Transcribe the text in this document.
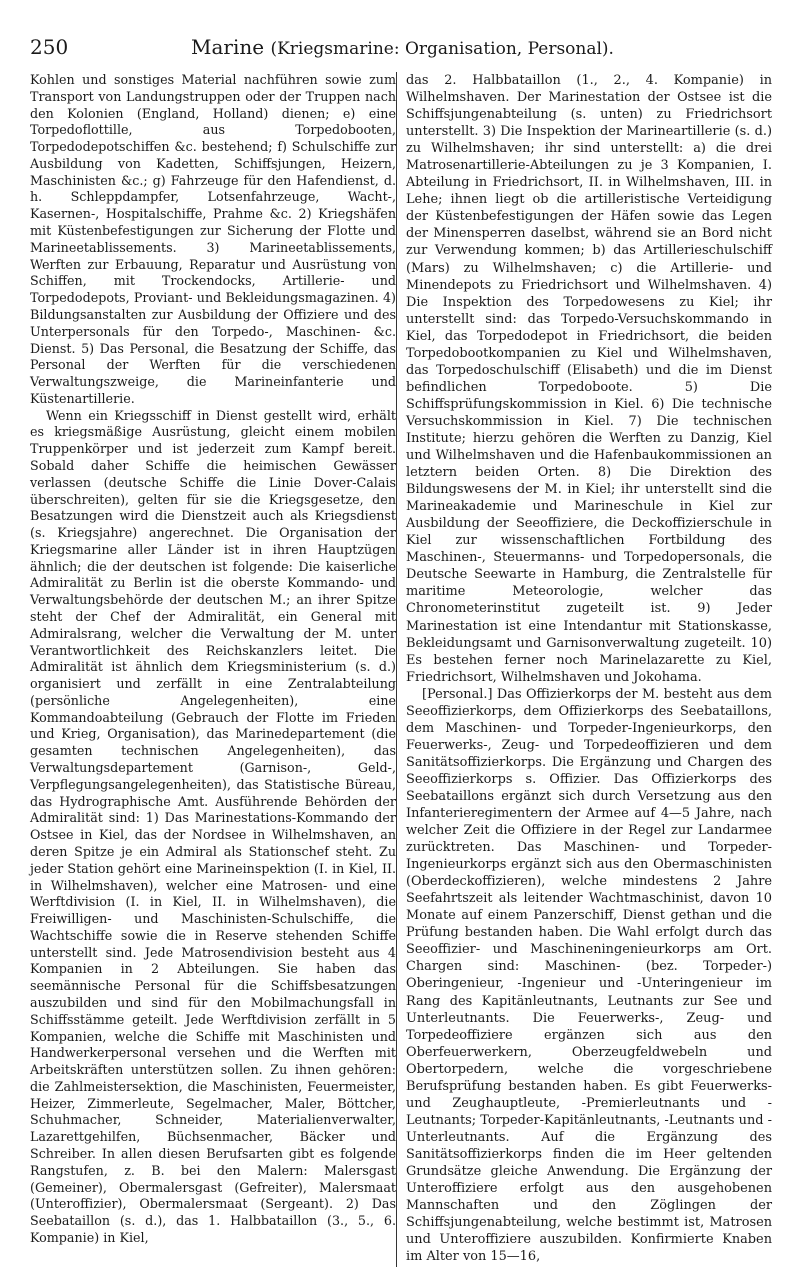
250	Marine (Kriegsmarine: Organisation, Personal).

Kohlen und sonstiges Material nachführen sowie zum Transport von Landungstruppen oder der Truppen nach den Kolonien (England, Holland) dienen; e) eine Torpedoflottille, aus Torpedobooten, Torpedodepotschiffen &c. bestehend; f) Schulschiffe zur Ausbildung von Kadetten, Schiffsjungen, Heizern, Maschinisten &c.; g) Fahrzeuge für den Hafendienst, d. h. Schleppdampfer, Lotsenfahrzeuge, Wacht-, Kasernen-, Hospitalschiffe, Prahme &c. 2) Kriegshäfen mit Küstenbefestigungen zur Sicherung der Flotte und Marineetablissements. 3) Marineetablissements, Werften zur Erbauung, Reparatur und Ausrüstung von Schiffen, mit Trockendocks, Artillerie- und Torpedodepots, Proviant- und Bekleidungsmagazinen. 4) Bildungsanstalten zur Ausbildung der Offiziere und des Unterpersonals für den Torpedo-, Maschinen- &c. Dienst. 5) Das Personal, die Besatzung der Schiffe, das Personal der Werften für die verschiedenen Verwaltungszweige, die Marineinfanterie und Küstenartillerie.

Wenn ein Kriegsschiff in Dienst gestellt wird, erhält es kriegsmäßige Ausrüstung, gleicht einem mobilen Truppenkörper und ist jederzeit zum Kampf bereit. Sobald daher Schiffe die heimischen Gewässer verlassen (deutsche Schiffe die Linie Dover-Calais überschreiten), gelten für sie die Kriegsgesetze, den Besatzungen wird die Dienstzeit auch als Kriegsdienst (s. Kriegsjahre) angerechnet. Die Organisation der Kriegsmarine aller Länder ist in ihren Hauptzügen ähnlich; die der deutschen ist folgende: Die kaiserliche Admiralität zu Berlin ist die oberste Kommando- und Verwaltungsbehörde der deutschen M.; an ihrer Spitze steht der Chef der Admiralität, ein General mit Admiralsrang, welcher die Verwaltung der M. unter Verantwortlichkeit des Reichskanzlers leitet. Die Admiralität ist ähnlich dem Kriegsministerium (s. d.) organisiert und zerfällt in eine Zentralabteilung (persönliche Angelegenheiten), eine Kommandoabteilung (Gebrauch der Flotte im Frieden und Krieg, Organisation), das Marinedepartement (die gesamten technischen Angelegenheiten), das Verwaltungsdepartement (Garnison-, Geld-, Verpflegungsangelegenheiten), das Statistische Büreau, das Hydrographische Amt. Ausführende Behörden der Admiralität sind: 1) Das Marinestations-Kommando der Ostsee in Kiel, das der Nordsee in Wilhelmshaven, an deren Spitze je ein Admiral als Stationschef steht. Zu jeder Station gehört eine Marineinspektion (I. in Kiel, II. in Wilhelmshaven), welcher eine Matrosen- und eine Werftdivision (I. in Kiel, II. in Wilhelmshaven), die Freiwilligen- und Maschinisten-Schulschiffe, die Wachtschiffe sowie die in Reserve stehenden Schiffe unterstellt sind. Jede Matrosendivision besteht aus 4 Kompanien in 2 Abteilungen. Sie haben das seemännische Personal für die Schiffsbesatzungen auszubilden und sind für den Mobilmachungsfall in Schiffsstämme geteilt. Jede Werftdivision zerfällt in 5 Kompanien, welche die Schiffe mit Maschinisten und Handwerkerpersonal versehen und die Werften mit Arbeitskräften unterstützen sollen. Zu ihnen gehören: die Zahlmeistersektion, die Maschinisten, Feuermeister, Heizer, Zimmerleute, Segelmacher, Maler, Böttcher, Schuhmacher, Schneider, Materialienverwalter, Lazarettgehilfen, Büchsenmacher, Bäcker und Schreiber. In allen diesen Berufsarten gibt es folgende Rangstufen, z. B. bei den Malern: Malersgast (Gemeiner), Obermalersgast (Gefreiter), Malersmaat (Unteroffizier), Obermalersmaat (Sergeant). 2) Das Seebataillon (s. d.), das 1. Halbbataillon (3., 5., 6. Kompanie) in Kiel,

das 2. Halbbataillon (1., 2., 4. Kompanie) in Wilhelmshaven. Der Marinestation der Ostsee ist die Schiffsjungenabteilung (s. unten) zu Friedrichsort unterstellt. 3) Die Inspektion der Marineartillerie (s. d.) zu Wilhelmshaven; ihr sind unterstellt: a) die drei Matrosenartillerie-Abteilungen zu je 3 Kompanien, I. Abteilung in Friedrichsort, II. in Wilhelmshaven, III. in Lehe; ihnen liegt ob die artilleristische Verteidigung der Küstenbefestigungen der Häfen sowie das Legen der Minensperren daselbst, während sie an Bord nicht zur Verwendung kommen; b) das Artillerieschulschiff (Mars) zu Wilhelmshaven; c) die Artillerie- und Minendepots zu Friedrichsort und Wilhelmshaven. 4) Die Inspektion des Torpedowesens zu Kiel; ihr unterstellt sind: das Torpedo-Versuchskommando in Kiel, das Torpedodepot in Friedrichsort, die beiden Torpedobootkompanien zu Kiel und Wilhelmshaven, das Torpedoschulschiff (Elisabeth) und die im Dienst befindlichen Torpedoboote. 5) Die Schiffsprüfungskommission in Kiel. 6) Die technische Versuchskommission in Kiel. 7) Die technischen Institute; hierzu gehören die Werften zu Danzig, Kiel und Wilhelmshaven und die Hafenbaukommissionen an letztern beiden Orten. 8) Die Direktion des Bildungswesens der M. in Kiel; ihr unterstellt sind die Marineakademie und Marineschule in Kiel zur Ausbildung der Seeoffiziere, die Deckoffizierschule in Kiel zur wissenschaftlichen Fortbildung des Maschinen-, Steuermanns- und Torpedopersonals, die Deutsche Seewarte in Hamburg, die Zentralstelle für maritime Meteorologie, welcher das Chronometerinstitut zugeteilt ist. 9) Jeder Marinestation ist eine Intendantur mit Stationskasse, Bekleidungsamt und Garnisonverwaltung zugeteilt. 10) Es bestehen ferner noch Marinelazarette zu Kiel, Friedrichsort, Wilhelmshaven und Jokohama.

[Personal.] Das Offizierkorps der M. besteht aus dem Seeoffizierkorps, dem Offizierkorps des Seebataillons, dem Maschinen- und Torpeder-Ingenieurkorps, den Feuerwerks-, Zeug- und Torpedeoffizieren und dem Sanitätsoffizierkorps. Die Ergänzung und Chargen des Seeoffizierkorps s. Offizier. Das Offizierkorps des Seebataillons ergänzt sich durch Versetzung aus den Infanterieregimentern der Armee auf 4—5 Jahre, nach welcher Zeit die Offiziere in der Regel zur Landarmee zurücktreten. Das Maschinen- und Torpeder-Ingenieurkorps ergänzt sich aus den Obermaschinisten (Oberdeckoffizieren), welche mindestens 2 Jahre Seefahrtszeit als leitender Wachtmaschinist, davon 10 Monate auf einem Panzerschiff, Dienst gethan und die Prüfung bestanden haben. Die Wahl erfolgt durch das Seeoffizier- und Maschineningenieurkorps am Ort. Chargen sind: Maschinen- (bez. Torpeder-) Oberingenieur, -Ingenieur und -Unteringenieur im Rang des Kapitänleutnants, Leutnants zur See und Unterleutnants. Die Feuerwerks-, Zeug- und Torpedeoffiziere ergänzen sich aus den Oberfeuerwerkern, Oberzeugfeldwebeln und Obertorpedern, welche die vorgeschriebene Berufsprüfung bestanden haben. Es gibt Feuerwerks- und Zeughauptleute, -Premierleutnants und -Leutnants; Torpeder-Kapitänleutnants, -Leutnants und -Unterleutnants. Auf die Ergänzung des Sanitätsoffizierkorps finden die im Heer geltenden Grundsätze gleiche Anwendung. Die Ergänzung der Unteroffiziere erfolgt aus den ausgehobenen Mannschaften und den Zöglingen der Schiffsjungenabteilung, welche bestimmt ist, Matrosen und Unteroffiziere auszubilden. Konfirmierte Knaben im Alter von 15—16,
